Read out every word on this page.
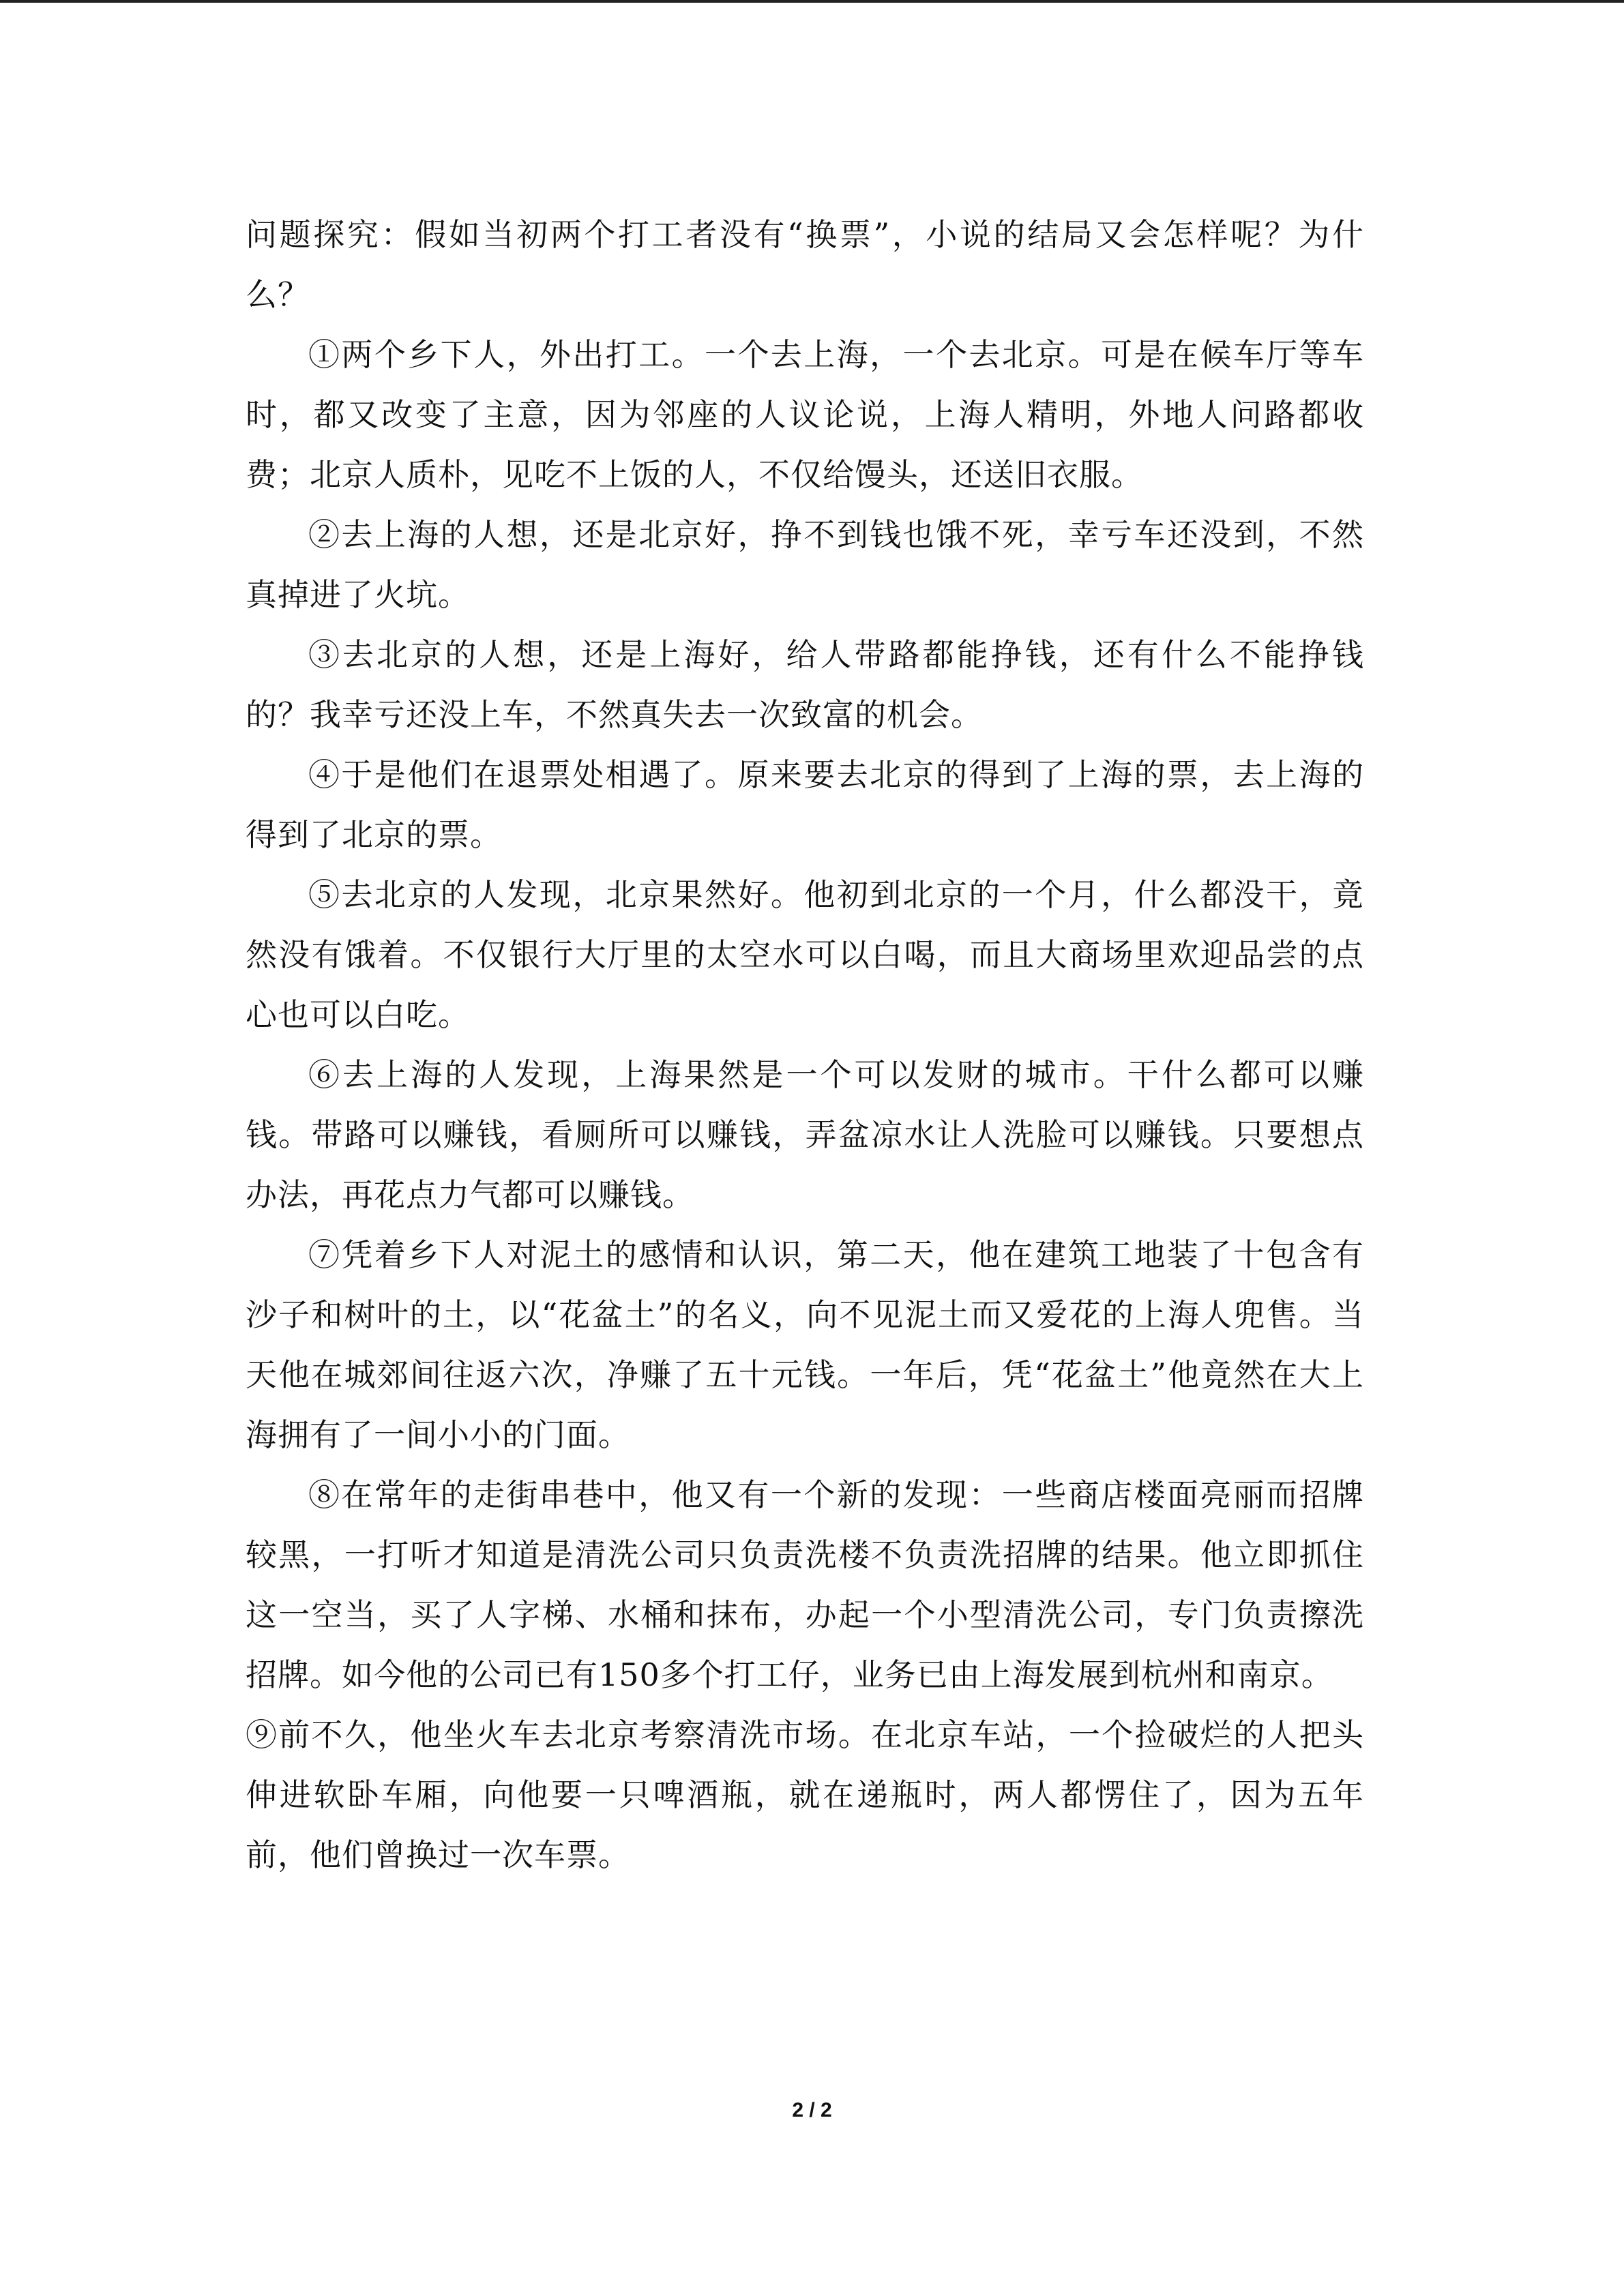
问题探究：假如当初两个打工者没有“换票”，小说的结局又会怎样呢？为什么？

①两个乡下人，外出打工。一个去上海，一个去北京。可是在候车厅等车时，都又改变了主意，因为邻座的人议论说，上海人精明，外地人问路都收费；北京人质朴，见吃不上饭的人，不仅给馒头，还送旧衣服。

②去上海的人想，还是北京好，挣不到钱也饿不死，幸亏车还没到，不然真掉进了火坑。

③去北京的人想，还是上海好，给人带路都能挣钱，还有什么不能挣钱的？我幸亏还没上车，不然真失去一次致富的机会。

④于是他们在退票处相遇了。原来要去北京的得到了上海的票，去上海的得到了北京的票。

⑤去北京的人发现，北京果然好。他初到北京的一个月，什么都没干，竟然没有饿着。不仅银行大厅里的太空水可以白喝，而且大商场里欢迎品尝的点心也可以白吃。

⑥去上海的人发现，上海果然是一个可以发财的城市。干什么都可以赚钱。带路可以赚钱，看厕所可以赚钱，弄盆凉水让人洗脸可以赚钱。只要想点办法，再花点力气都可以赚钱。

⑦凭着乡下人对泥土的感情和认识，第二天，他在建筑工地装了十包含有沙子和树叶的土，以“花盆土”的名义，向不见泥土而又爱花的上海人兜售。当天他在城郊间往返六次，净赚了五十元钱。一年后，凭“花盆土”他竟然在大上海拥有了一间小小的门面。

⑧在常年的走街串巷中，他又有一个新的发现：一些商店楼面亮丽而招牌较黑，一打听才知道是清洗公司只负责洗楼不负责洗招牌的结果。他立即抓住这一空当，买了人字梯、水桶和抹布，办起一个小型清洗公司，专门负责擦洗招牌。如今他的公司已有150多个打工仔，业务已由上海发展到杭州和南京。

⑨前不久，他坐火车去北京考察清洗市场。在北京车站，一个捡破烂的人把头伸进软卧车厢，向他要一只啤酒瓶，就在递瓶时，两人都愣住了，因为五年前，他们曾换过一次车票。

2 / 2
